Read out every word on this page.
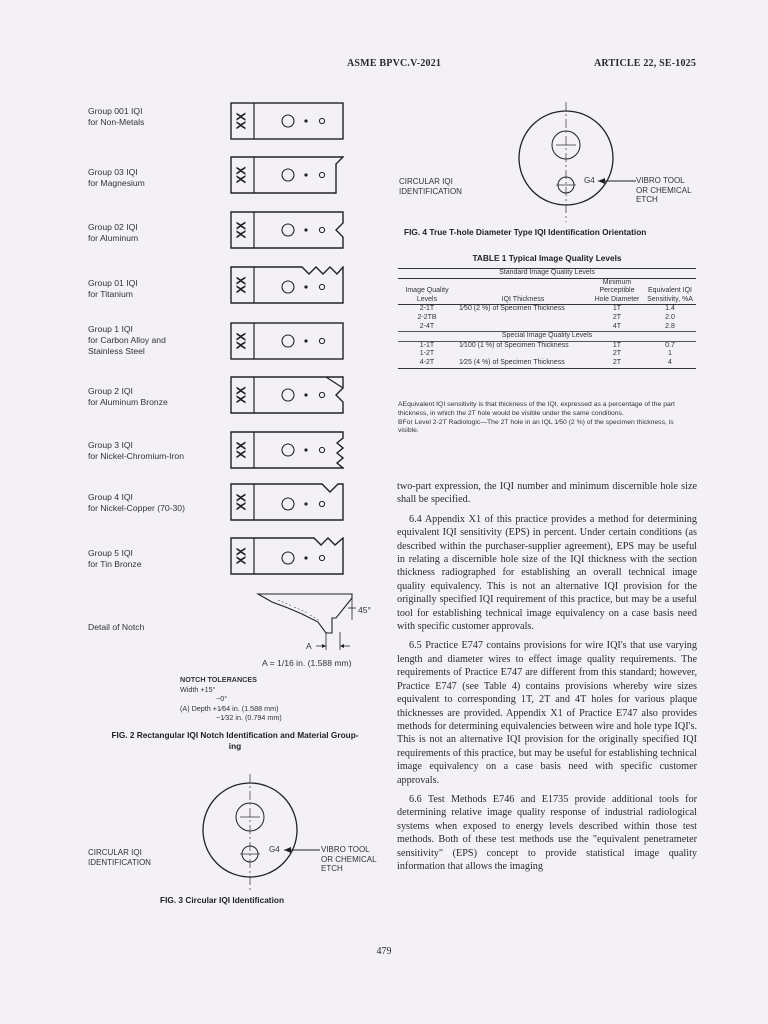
ASME BPVC.V-2021	ARTICLE 22, SE-1025
Group 001 IQI
for Non-Metals
Group 03 IQI
for Magnesium
Group 02 IQI
for Aluminum
Group 01 IQI
for Titanium
Group 1 IQI
for Carbon Alloy and
Stainless Steel
Group 2 IQI
for Aluminum Bronze
Group 3 IQI
for Nickel-Chromium-Iron
Group 4 IQI
for Nickel-Copper (70-30)
Group 5 IQI
for Tin Bronze
XX
XX
XX
XX
XX
XX
XX
XX
XX
Detail of Notch
45°
A
A = 1/16 in. (1.588 mm)
NOTCH TOLERANCES
Width +15°
−0°
(A) Depth +1⁄64 in. (1.588 mm)
−1⁄32 in. (0.794 mm)
FIG. 2 Rectangular IQI Notch Identification and Material Group-
ing
CIRCULAR IQI
IDENTIFICATION
G4	VIBRO TOOL
OR CHEMICAL
ETCH
FIG. 3 Circular IQI Identification
CIRCULAR IQI
IDENTIFICATION
G4	VIBRO TOOL
OR CHEMICAL
ETCH
FIG. 4 True T-hole Diameter Type IQI Identification Orientation
TABLE 1 Typical Image Quality Levels
Standard Image Quality Levels			
Image Quality Levels	IQI Thickness	Minimum Perceptible Hole Diameter	Equivalent IQI Sensitivity, %A
2-1T	1⁄50 (2 %) of Specimen Thickness	1T	1.4
2-2TB		2T	2.0
2-4T		4T	2.8
Special Image Quality Levels			
1-1T	1⁄100 (1 %) of Specimen Thickness	1T	0.7
1-2T		2T	1
4-2T	1⁄25 (4 %) of Specimen Thickness	2T	4
AEquivalent IQI sensitivity is that thickness of the IQI, expressed as a percentage of the part thickness, in which the 2T hole would be visible under the same conditions.
BFor Level 2-2T Radiologic—The 2T hole in an IQL 1⁄50 (2 %) of the specimen thickness, is visible.

two-part expression, the IQI number and minimum discernible hole size shall be specified.

6.4 Appendix X1 of this practice provides a method for determining equivalent IQI sensitivity (EPS) in percent. Under certain conditions (as described within the purchaser-supplier agreement), EPS may be useful in relating a discernible hole size of the IQI thickness with the section thickness radiographed for establishing an overall technical image quality equivalency. This is not an alternative IQI provision for the originally specified IQI requirement of this practice, but may be a useful tool for establishing technical image equivalency on a case basis need with specific customer approvals.

6.5 Practice E747 contains provisions for wire IQI's that use varying length and diameter wires to effect image quality requirements. The requirements of Practice E747 are different from this standard; however, Practice E747 (see Table 4) contains provisions whereby wire sizes equivalent to corresponding 1T, 2T and 4T holes for various plaque thicknesses are provided. Appendix X1 of Practice E747 also provides methods for determining equivalencies between wire and hole type IQI's. This is not an alternative IQI provision for the originally specified IQI requirements of this practice, but may be useful for establishing technical image equivalency on a case basis need with specific customer approvals.

6.6 Test Methods E746 and E1735 provide additional tools for determining relative image quality response of industrial radiological systems when exposed to energy levels described within those test methods. Both of these test methods use the "equivalent penetrameter sensitivity" (EPS) concept to provide statistical image quality information that allows the imaging

479
